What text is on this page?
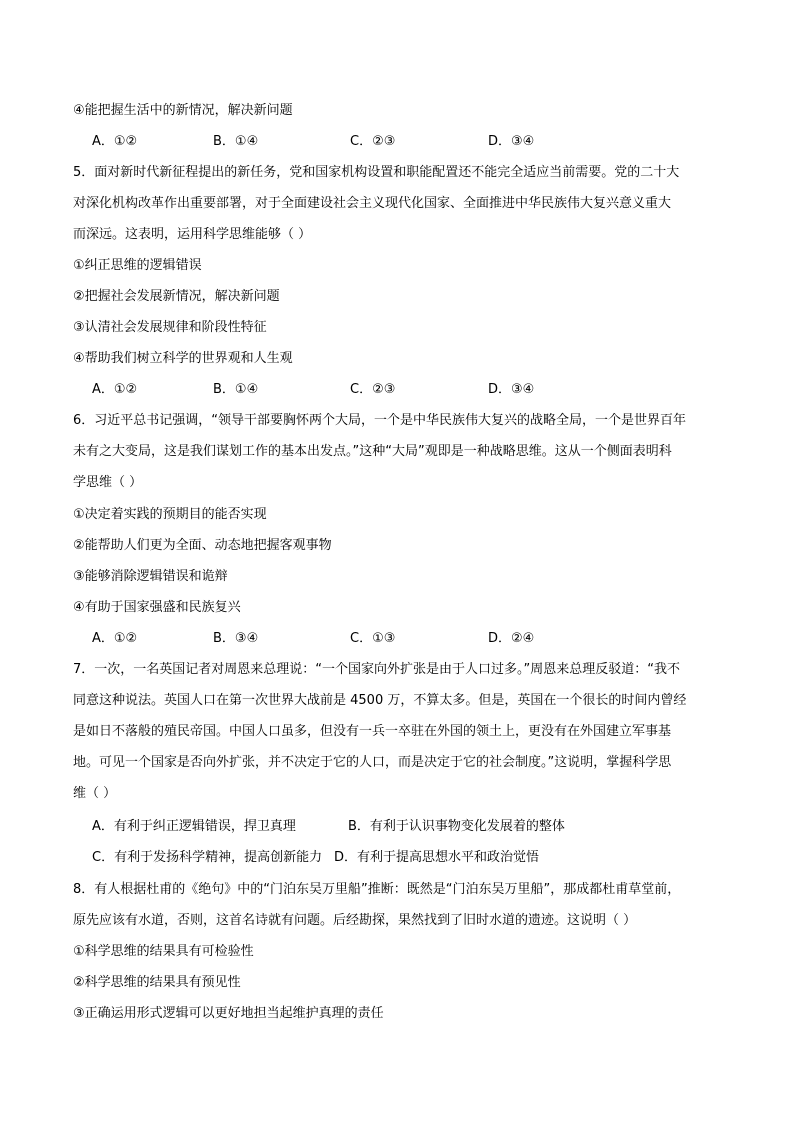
④能把握生活中的新情况，解决新问题
A．①②	B．①④	C．②③	D．③④
5．面对新时代新征程提出的新任务，党和国家机构设置和职能配置还不能完全适应当前需要。党的二十大
对深化机构改革作出重要部署，对于全面建设社会主义现代化国家、全面推进中华民族伟大复兴意义重大
而深远。这表明，运用科学思维能够（ ）
①纠正思维的逻辑错误
②把握社会发展新情况，解决新问题
③认清社会发展规律和阶段性特征
④帮助我们树立科学的世界观和人生观
A．①②	B．①④	C．②③	D．③④
6．习近平总书记强调，“领导干部要胸怀两个大局，一个是中华民族伟大复兴的战略全局，一个是世界百年
未有之大变局，这是我们谋划工作的基本出发点。”这种“大局”观即是一种战略思维。这从一个侧面表明科
学思维（ ）
①决定着实践的预期目的能否实现
②能帮助人们更为全面、动态地把握客观事物
③能够消除逻辑错误和诡辩
④有助于国家强盛和民族复兴
A．①②	B．③④	C．①③	D．②④
7．一次，一名英国记者对周恩来总理说：“一个国家向外扩张是由于人口过多。”周恩来总理反驳道：“我不
同意这种说法。英国人口在第一次世界大战前是 4500 万，不算太多。但是，英国在一个很长的时间内曾经
是如日不落般的殖民帝国。中国人口虽多，但没有一兵一卒驻在外国的领土上，更没有在外国建立军事基
地。可见一个国家是否向外扩张，并不决定于它的人口，而是决定于它的社会制度。”这说明，掌握科学思
维（ ）
A．有利于纠正逻辑错误，捍卫真理	B．有利于认识事物变化发展着的整体
C．有利于发扬科学精神，提高创新能力 D．有利于提高思想水平和政治觉悟
8．有人根据杜甫的《绝句》中的“门泊东吴万里船”推断：既然是“门泊东吴万里船”，那成都杜甫草堂前，
原先应该有水道，否则，这首名诗就有问题。后经勘探，果然找到了旧时水道的遗迹。这说明（ ）
①科学思维的结果具有可检验性
②科学思维的结果具有预见性
③正确运用形式逻辑可以更好地担当起维护真理的责任
